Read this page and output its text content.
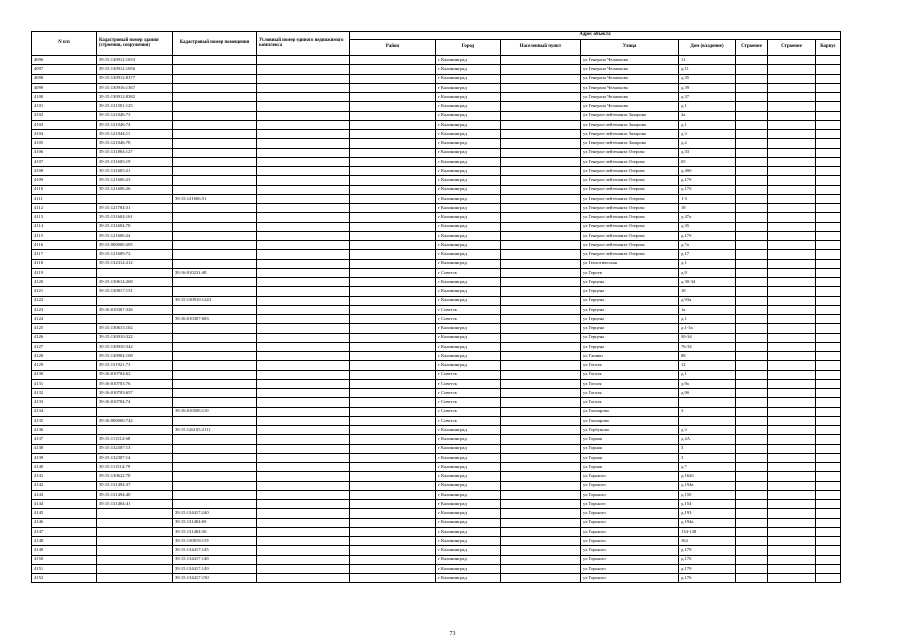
N п/п	Кадастровый номер здания (строения, сооружения)	Кадастровый номер помещения	Условный номер единого недвижимого комплекса	Адрес объекта							
				Район	Город	Населенный пункт	Улица	Дом (владение)	Строение	Строение	Корпус
4096	39:15:130912:1653				г Калининград		ул Генерала Челнокова	11			
4097	39:15:130912:1656				г Калининград		ул Генерала Челнокова	д.11			
4098	39:15:130912:8377				г Калининград		ул Генерала Челнокова	д.35			
4099	39:15:130916:1367				г Калининград		ул Генерала Челнокова	д.39			
4100	39:15:130912:8382				г Калининград		ул Генерала Челнокова	д.37			
4101	39:15:131501:125				г Калининград		ул Генерала Челнокова	д.1			
4102	39:15:121046:73				г Калининград		ул Генерал-лейтенанта Захарова	2а			
4103	39:15:121046:74				г Калининград		ул Генерал-лейтенанта Захарова	д.1			
4104	39:15:121044:11				г Калининград		ул Генерал-лейтенанта Захарова	д.3			
4105	39:15:121046:78				г Калининград		ул Генерал-лейтенанта Захарова	д.2			
4106	39:15:131804:127				г Калининград		ул Генерал-лейтенанта Озерова	д.33			
4107	39:15:131605:19				г Калининград		ул Генерал-лейтенанта Озерова	65			
4108	39:15:131605:21				г Калининград		ул Генерал-лейтенанта Озерова	д.49б			
4109	39:15:121606:23				г Калининград		ул Генерал-лейтенанта Озерова	д.17б			
4110	39:15:121606:26				г Калининград		ул Генерал-лейтенанта Озерова	д.17б			
4111		39:15:121606:51			г Калининград		ул Генерал-лейтенанта Озерова	1-5			
4112	39:15:121704:31				г Калининград		ул Генерал-лейтенанта Озерова	18			
4113	39:15:131604:161				г Калининград		ул Генерал-лейтенанта Озерова	д.47а			
4114	39:15:131604:78				г Калининград		ул Генерал-лейтенанта Озерова	д.35			
4115	39:15:121606:24				г Калининград		ул Генерал-лейтенанта Озерова	д.17б			
4116	39:15:000000:205				г Калининград		ул Генерал-лейтенанта Озерова	д.7а			
4117	39:15:121609:72				г Калининград		ул Генерал-лейтенанта Озерова	д.17			
4118	39:15:132314:212				г Калининград		ул Геологическая	д.1			
4119		39:16:010231:48			г Советск		ул Героев	д.9			
4120	39:15:130614:268				г Калининград		ул Герцена	д.30-34			
4121	39:15:130817:151				г Калининград		ул Герцена	18			
4122		39:15:130910:1243			г Калининград		ул Герцена	д.93а			
4123	39:16:010307:326				г Советск		ул Герцена	1а			
4124		39:16:010307:683			г Советск		ул Герцена	д.1			
4125	39:15:130613:102				г Калининград		ул Герцена	д.1-3а			
4126	39:15:130910:322				г Калининград		ул Герцена	30-34			
4127	39:15:130910:342				г Калининград		ул Герцена	76-34			
4128	39:15:130904:108				г Калининград		ул Глинки	88			
4129	39:15:131921:73				г Калининград		ул Гоголя	12			
4130	39:16:010704:62				г Советск		ул Гоголя	д.1			
4131	39:16:010703:76				г Советск		ул Гоголя	д.9а			
4132	39:16:010703:657				г Советск		ул Гоголя	д.9б			
4133	39:16:010704:74				г Советск		ул Гоголя				
4134		39:16:010506:110			г Советск		ул Гончарова	3			
4135	39:16:000000:742				г Советск		ул Гончарова				
4136		39:15:126105:2111			г Калининград		ул Горбунова	д.3			
4137	39:15:111512:68				г Калининград		ул Горная	д.2А			
4138	39:15:132307:13				г Калининград		ул Горная	3			
4139	39:15:132307:14				г Калининград		ул Горная	3			
4140	39:15:111514:79				г Калининград		ул Горная	д.7			
4141	39:15:130622:78				г Калининград		ул Горького	д.162б			
4142	39:15:131494:37				г Калининград		ул Горького	д.194а			
4143	39:15:131494:40				г Калининград		ул Горького	д.150			
4144	39:15:131404:41				г Калининград		ул Горького	д.154			
4145		39:15:134417:240			г Калининград		ул Горького	д.193			
4146		39:15:131404:69			г Калининград		ул Горького	д.194а			
4147		39:15:131404:56			г Калининград		ул Горького	134-138			
4148		39:15:130819:119			г Калининград		ул Горького	162			
4149		39:15:134417:145			г Калининград		ул Горького	д.179			
4150		39:15:134417:148			г Калининград		ул Горького	д.170			
4151		39:15:134417:149			г Калининград		ул Горького	д.179			
4152		39:15:134417:150			г Калининград		ул Горького	д.176			
73
